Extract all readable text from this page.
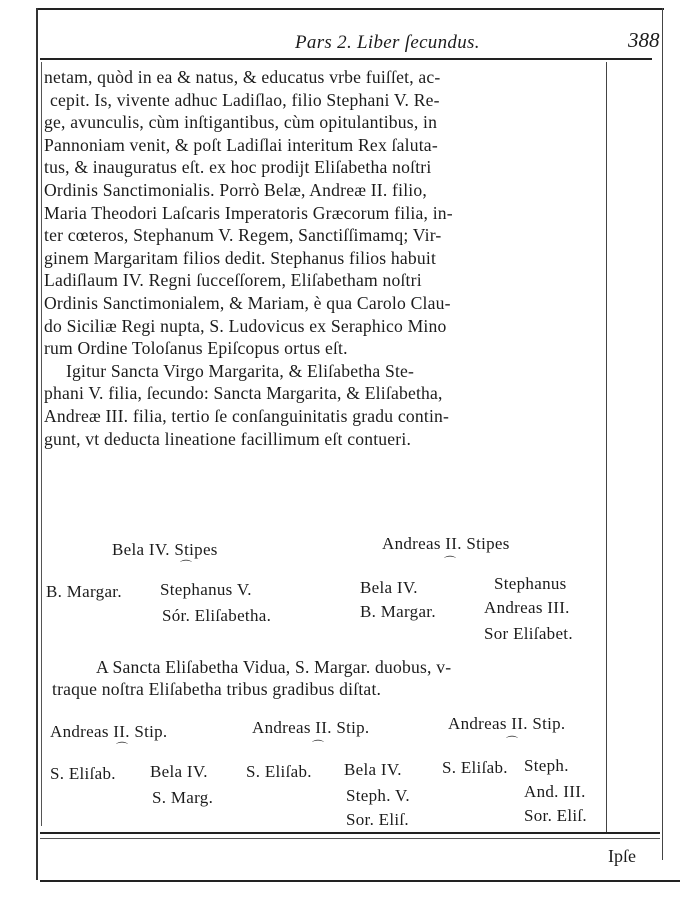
Pars 2. Liber ſecundus.	388
netam, quòd in ea & natus, & educatus vrbe fuiſſet, ac-
cepit. Is, vivente adhuc Ladiſlao, filio Stephani V. Re-
ge, avunculis, cùm inſtigantibus, cùm opitulantibus, in
Pannoniam venit, & poſt Ladiſlai interitum Rex ſaluta-
tus, & inauguratus eſt. ex hoc prodijt Eliſabetha noſtri
Ordinis Sanctimonialis. Porrò Belæ, Andreæ II. filio,
Maria Theodori Laſcaris Imperatoris Græcorum filia, in-
ter cœteros, Stephanum V. Regem, Sanctiſſimamq; Vir-
ginem Margaritam filios dedit. Stephanus filios habuit
Ladiſlaum IV. Regni ſucceſſorem, Eliſabetham noſtri
Ordinis Sanctimonialem, & Mariam, è qua Carolo Clau-
do Siciliæ Regi nupta, S. Ludovicus ex Seraphico Mino
rum Ordine Toloſanus Epiſcopus ortus eſt.
Igitur Sancta Virgo Margarita, & Eliſabetha Ste-
phani V. filia, ſecundo: Sancta Margarita, & Eliſabetha,
Andreæ III. filia, tertio ſe conſanguinitatis gradu contin-
gunt, vt deducta lineatione facillimum eſt contueri.
Bela IV. Stipes
⌒
B. Margar. Stephanus V.
Sór. Eliſabetha.
Andreas II. Stipes
⌒
Bela IV.	Stephanus
B. Margar.	Andreas III.
Sor Eliſabet.
A Sancta Eliſabetha Vidua, S. Margar. duobus, v-
traque noſtra Eliſabetha tribus gradibus diſtat.
Andreas II. Stip.
⌒
S. Eliſab. Bela IV.
S. Marg.
Andreas II. Stip.
⌒
S. Eliſab. Bela IV.
Steph. V.
Sor. Eliſ.
Andreas II. Stip.
⌒
S. Eliſab. Steph.
And. III.
Sor. Eliſ.
Ipſe
